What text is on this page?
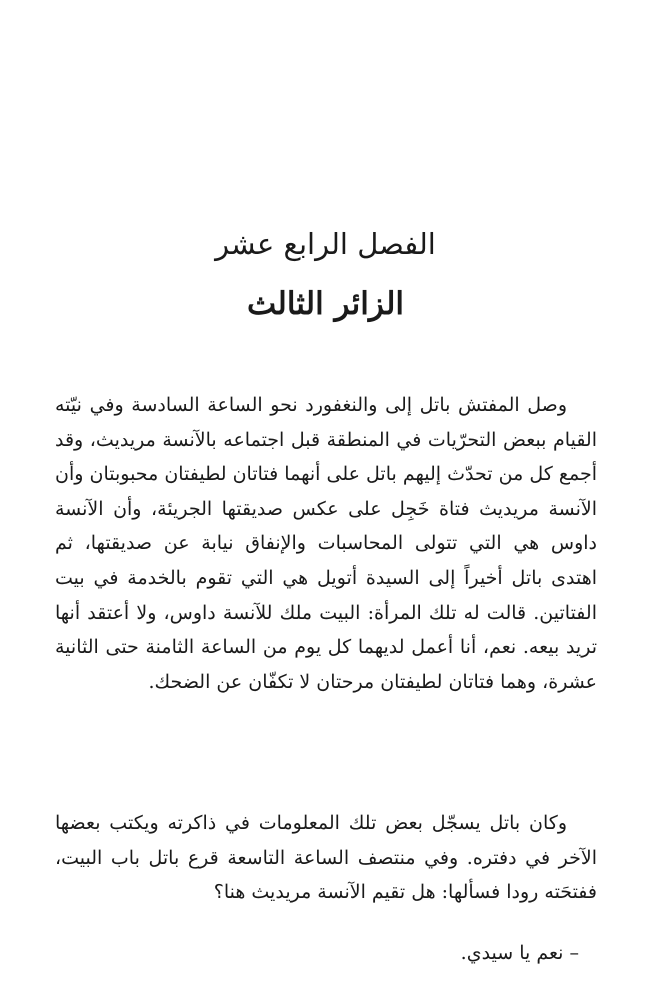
الفصل الرابع عشر
الزائر الثالث

وصل المفتش باتل إلى والنغفورد نحو الساعة السادسة وفي نيّته القيام ببعض التحرّيات في المنطقة قبل اجتماعه بالآنسة مريديث، وقد أجمع كل من تحدّث إليهم باتل على أنهما فتاتان لطيفتان محبوبتان وأن الآنسة مريديث فتاة خَجِل على عكس صديقتها الجريئة، وأن الآنسة داوس هي التي تتولى المحاسبات والإنفاق نيابة عن صديقتها، ثم اهتدى باتل أخيراً إلى السيدة أتويل هي التي تقوم بالخدمة في بيت الفتاتين. قالت له تلك المرأة: البيت ملك للآنسة داوس، ولا أعتقد أنها تريد بيعه. نعم، أنا أعمل لديهما كل يوم من الساعة الثامنة حتى الثانية عشرة، وهما فتاتان لطيفتان مرحتان لا تكفّان عن الضحك.

وكان باتل يسجّل بعض تلك المعلومات في ذاكرته ويكتب بعضها الآخر في دفتره. وفي منتصف الساعة التاسعة قرع باتل باب البيت، ففتحَته رودا فسألها: هل تقيم الآنسة مريديث هنا؟

– نعم يا سيدي.
